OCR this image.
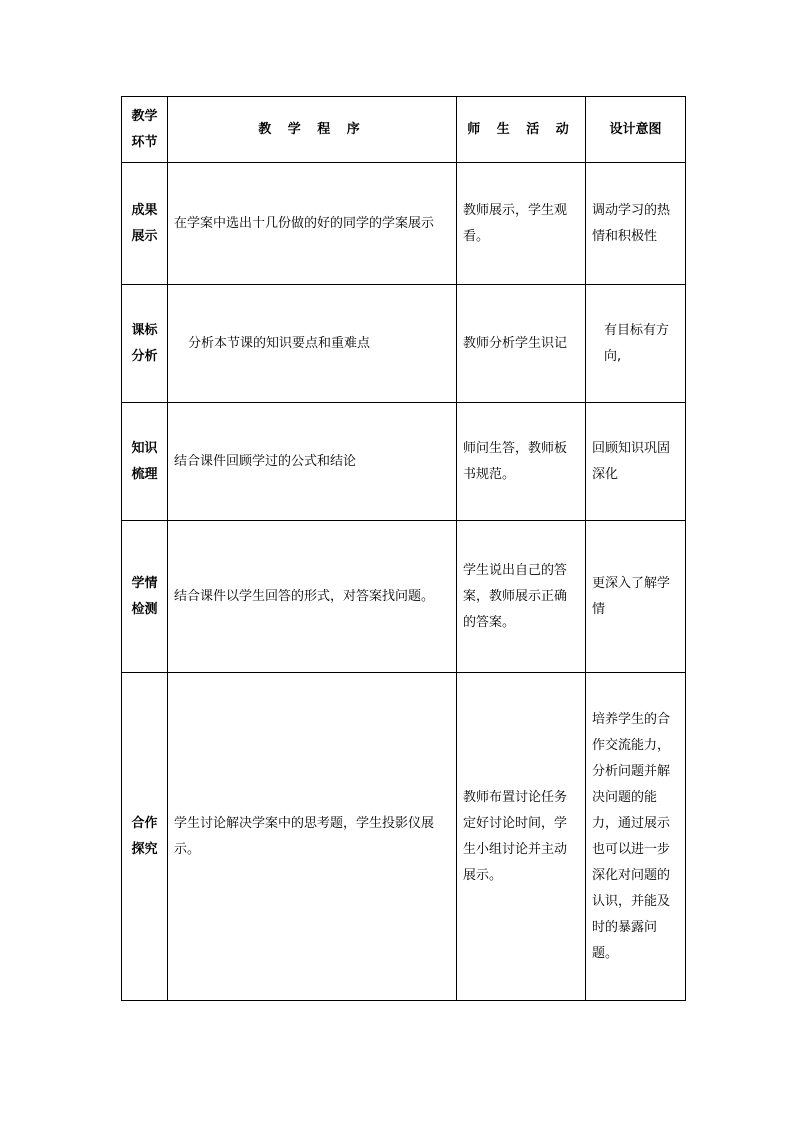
教学环节	教 学 程 序	师 生 活 动	设计意图
成果展示	在学案中选出十几份做的好的同学的学案展示	教师展示，学生观看。	调动学习的热情和积极性
课标分析	分析本节课的知识要点和重难点	教师分析学生识记	有目标有方向,
知识梳理	结合课件回顾学过的公式和结论	师问生答，教师板书规范。	回顾知识巩固深化
学情检测	结合课件以学生回答的形式，对答案找问题。	学生说出自己的答案，教师展示正确的答案。	更深入了解学情
合作探究	学生讨论解决学案中的思考题，学生投影仪展示。	教师布置讨论任务定好讨论时间，学生小组讨论并主动展示。	培养学生的合作交流能力，分析问题并解决问题的能力，通过展示也可以进一步深化对问题的认识，并能及时的暴露问题。
